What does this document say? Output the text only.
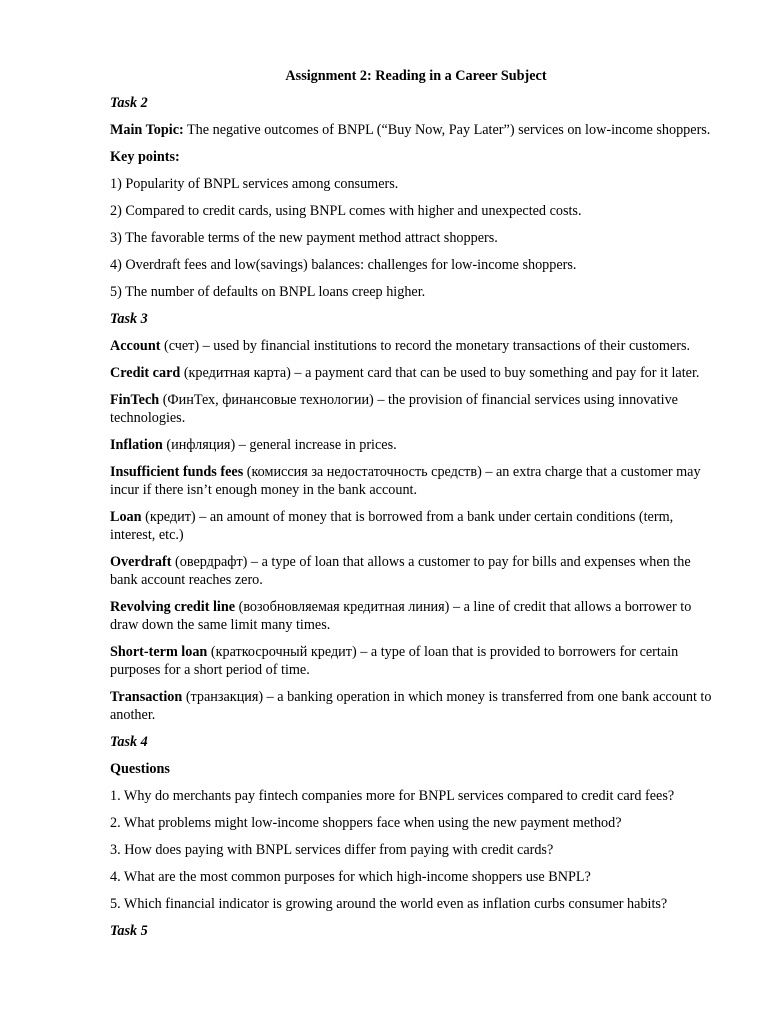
Assignment 2: Reading in a Career Subject

Task 2

Main Topic: The negative outcomes of BNPL (“Buy Now, Pay Later”) services on low-income shoppers.

Key points:

1) Popularity of BNPL services among consumers.

2) Compared to credit cards, using BNPL comes with higher and unexpected costs.

3) The favorable terms of the new payment method attract shoppers.

4) Overdraft fees and low(savings) balances: challenges for low-income shoppers.

5) The number of defaults on BNPL loans creep higher.

Task 3

Account (счет) – used by financial institutions to record the monetary transactions of their customers.

Credit card (кредитная карта) – a payment card that can be used to buy something and pay for it later.

FinTech (ФинТех, финансовые технологии) – the provision of financial services using innovative technologies.

Inflation (инфляция) – general increase in prices.

Insufficient funds fees (комиссия за недостаточность средств) – an extra charge that a customer may incur if there isn’t enough money in the bank account.

Loan (кредит) – an amount of money that is borrowed from a bank under certain conditions (term, interest, etc.)

Overdraft (овердрафт) – a type of loan that allows a customer to pay for bills and expenses when the bank account reaches zero.

Revolving credit line (возобновляемая кредитная линия) – a line of credit that allows a borrower to draw down the same limit many times.

Short-term loan (краткосрочный кредит) – a type of loan that is provided to borrowers for certain purposes for a short period of time.

Transaction (транзакция) – a banking operation in which money is transferred from one bank account to another.

Task 4

Questions

1. Why do merchants pay fintech companies more for BNPL services compared to credit card fees?

2. What problems might low-income shoppers face when using the new payment method?

3. How does paying with BNPL services differ from paying with credit cards?

4. What are the most common purposes for which high-income shoppers use BNPL?

5. Which financial indicator is growing around the world even as inflation curbs consumer habits?

Task 5
